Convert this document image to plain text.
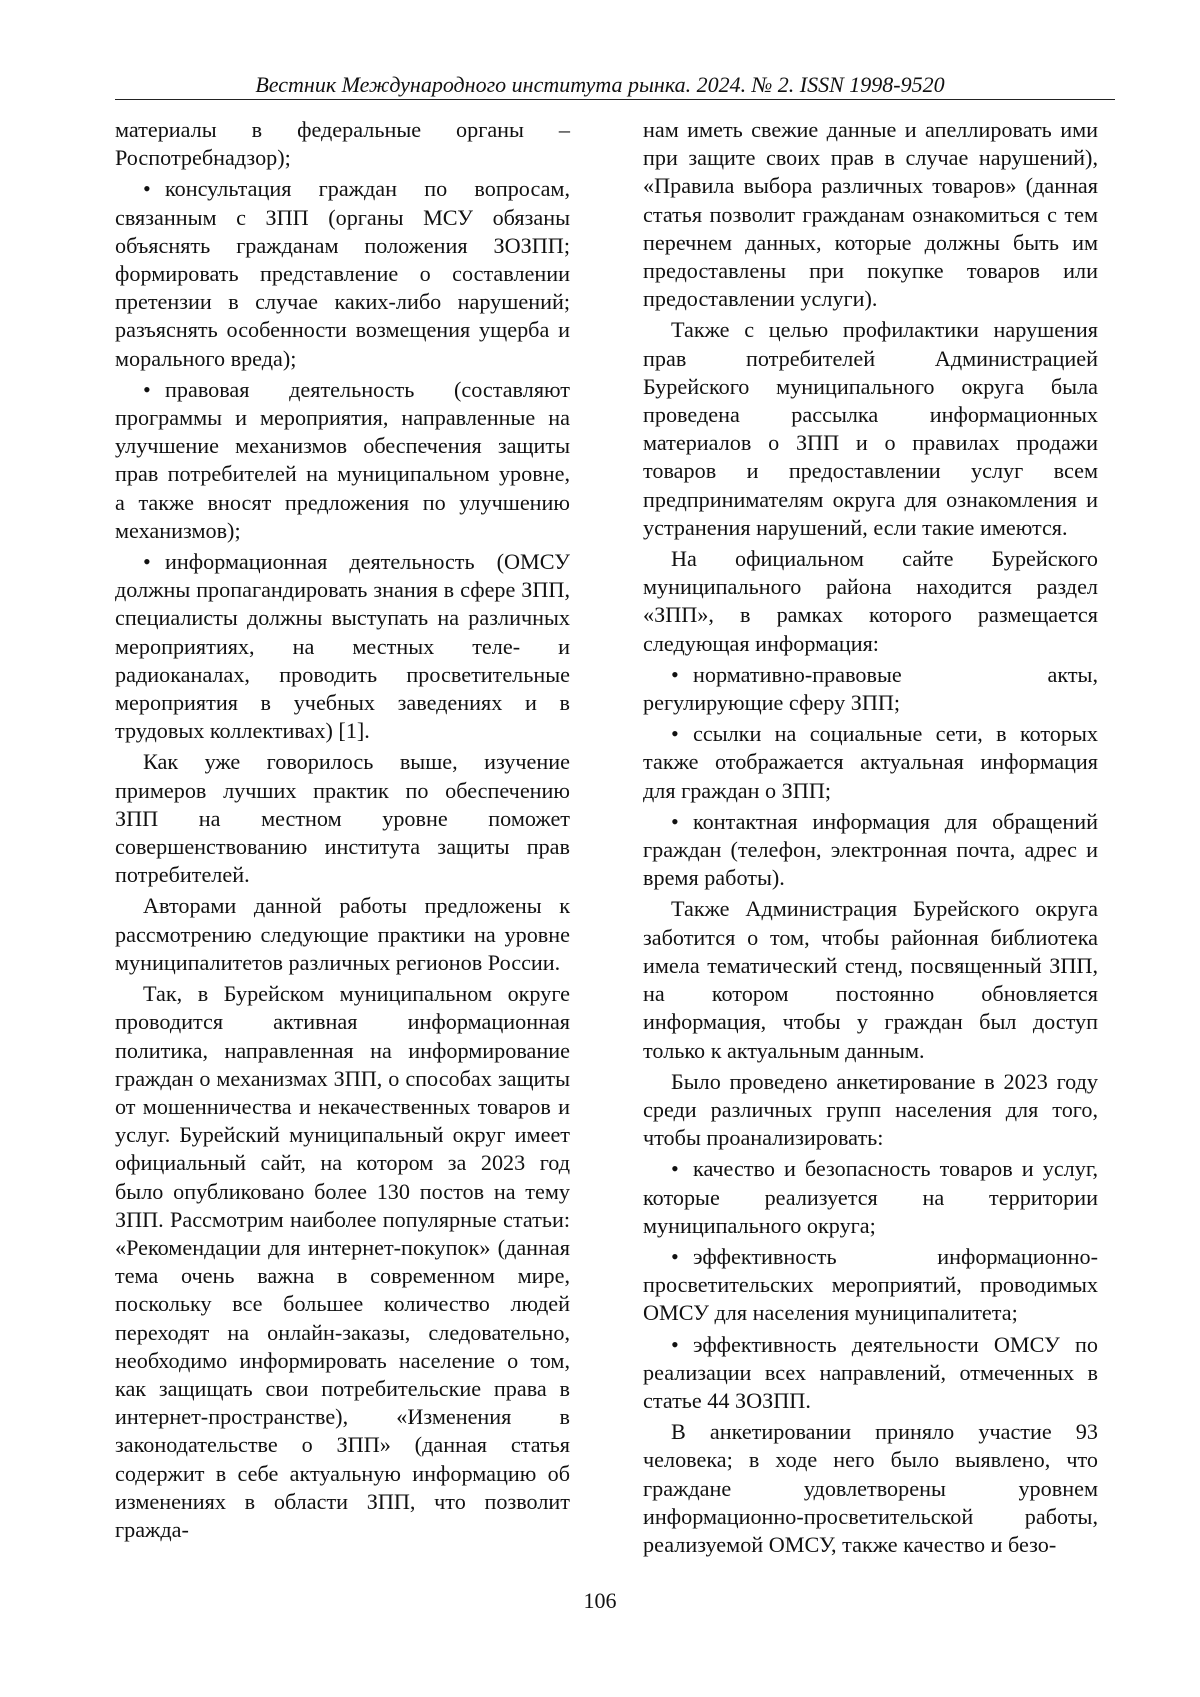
Вестник Международного института рынка. 2024. № 2. ISSN 1998-9520

материалы в федеральные органы – Роспотребнадзор);

• консультация граждан по вопросам, связанным с ЗПП (органы МСУ обязаны объяснять гражданам положения ЗОЗПП; формировать представление о составлении претензии в случае каких-либо нарушений; разъяснять особенности возмещения ущерба и морального вреда);

• правовая деятельность (составляют программы и мероприятия, направленные на улучшение механизмов обеспечения защиты прав потребителей на муниципальном уровне, а также вносят предложения по улучшению механизмов);

• информационная деятельность (ОМСУ должны пропагандировать знания в сфере ЗПП, специалисты должны выступать на различных мероприятиях, на местных теле- и радиоканалах, проводить просветительные мероприятия в учебных заведениях и в трудовых коллективах) [1].

Как уже говорилось выше, изучение примеров лучших практик по обеспечению ЗПП на местном уровне поможет совершенствованию института защиты прав потребителей.

Авторами данной работы предложены к рассмотрению следующие практики на уровне муниципалитетов различных регионов России.

Так, в Бурейском муниципальном округе проводится активная информационная политика, направленная на информирование граждан о механизмах ЗПП, о способах защиты от мошенничества и некачественных товаров и услуг. Бурейский муниципальный округ имеет официальный сайт, на котором за 2023 год было опубликовано более 130 постов на тему ЗПП. Рассмотрим наиболее популярные статьи: «Рекомендации для интернет-покупок» (данная тема очень важна в современном мире, поскольку все большее количество людей переходят на онлайн-заказы, следовательно, необходимо информировать население о том, как защищать свои потребительские права в интернет-пространстве), «Изменения в законодательстве о ЗПП» (данная статья содержит в себе актуальную информацию об изменениях в области ЗПП, что позволит гражда-

нам иметь свежие данные и апеллировать ими при защите своих прав в случае нарушений), «Правила выбора различных товаров» (данная статья позволит гражданам ознакомиться с тем перечнем данных, которые должны быть им предоставлены при покупке товаров или предоставлении услуги).

Также с целью профилактики нарушения прав потребителей Администрацией Бурейского муниципального округа была проведена рассылка информационных материалов о ЗПП и о правилах продажи товаров и предоставлении услуг всем предпринимателям округа для ознакомления и устранения нарушений, если такие имеются.

На официальном сайте Бурейского муниципального района находится раздел «ЗПП», в рамках которого размещается следующая информация:

• нормативно-правовые акты, регулирующие сферу ЗПП;

• ссылки на социальные сети, в которых также отображается актуальная информация для граждан о ЗПП;

• контактная информация для обращений граждан (телефон, электронная почта, адрес и время работы).

Также Администрация Бурейского округа заботится о том, чтобы районная библиотека имела тематический стенд, посвященный ЗПП, на котором постоянно обновляется информация, чтобы у граждан был доступ только к актуальным данным.

Было проведено анкетирование в 2023 году среди различных групп населения для того, чтобы проанализировать:

• качество и безопасность товаров и услуг, которые реализуется на территории муниципального округа;

• эффективность информационно-просветительских мероприятий, проводимых ОМСУ для населения муниципалитета;

• эффективность деятельности ОМСУ по реализации всех направлений, отмеченных в статье 44 ЗОЗПП.

В анкетировании приняло участие 93 человека; в ходе него было выявлено, что граждане удовлетворены уровнем информационно-просветительской работы, реализуемой ОМСУ, также качество и безо-

106
